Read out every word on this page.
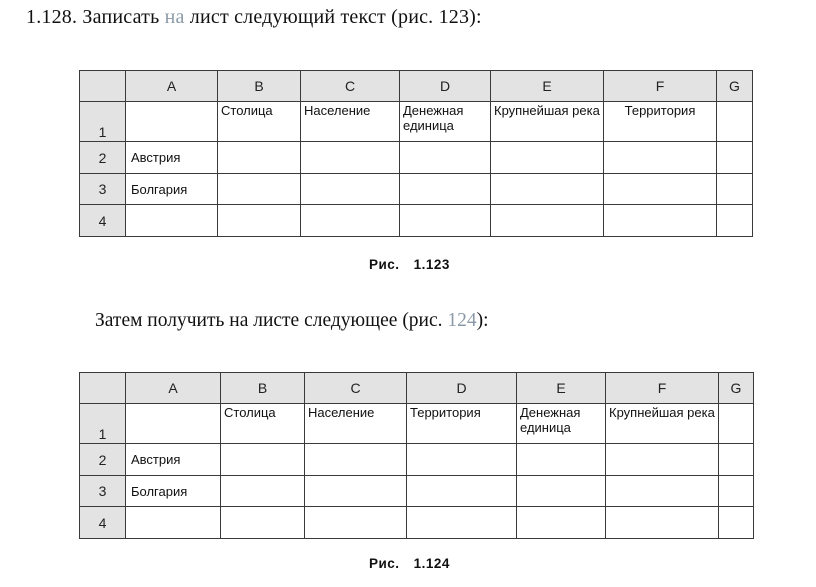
1.128. Записать на лист следующий текст (рис. 123):
	A	B	C	D	E	F	G
1		Столица	Население	Денежная единица	Крупнейшая река	Территория	
2	Австрия						
3	Болгария						
4							
Рис. 1.123
Затем получить на листе следующее (рис. 124):
	A	B	C	D	E	F	G
1		Столица	Население	Территория	Денежная единица	Крупнейшая река	
2	Австрия						
3	Болгария						
4							
Рис. 1.124
